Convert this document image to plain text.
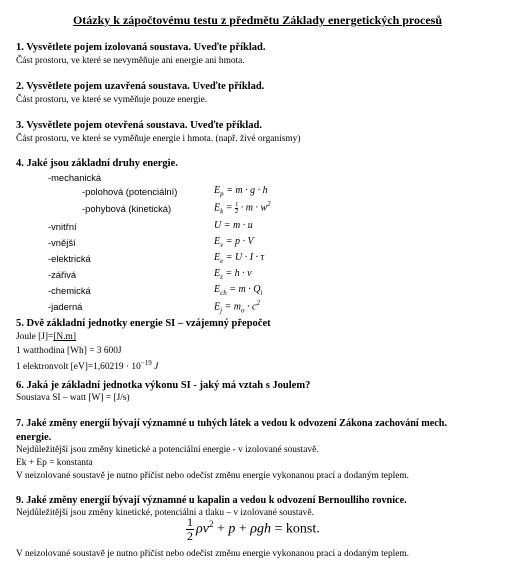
Otázky k zápočtovému testu z předmětu Základy energetických procesů
1. Vysvětlete pojem izolovaná soustava. Uveďte příklad.
Část prostoru, ve které se nevyměňuje ani energie ani hmota.
2. Vysvětlete pojem uzavřená soustava. Uveďte příklad.
Část prostoru, ve které se vyměňuje pouze energie.
3. Vysvětlete pojem otevřená soustava. Uveďte příklad.
Část prostoru, ve které se vyměňuje energie i hmota. (např. živé organismy)
4. Jaké jsou základní druhy energie.
-mechanická
-polohová (potenciální)	$E_p = m \cdot g \cdot h$
-pohybová (kinetická)	$E_k = \frac{1}{2} \cdot m \cdot w^2$
-vnitřní	U = m · u
-vnější	$E_v = p \cdot V$
-elektrická	$E_e = U \cdot I \cdot \tau$
-zářivá	$E_z = h \cdot \nu$
-chemická	$E_{ch} = m \cdot Q_i$
-jaderná	$E_j = m_o \cdot c^2$
5. Dvě základní jednotky energie SI – vzájemný přepočet
Joule [J]=[N.m]
1 watthodina [Wh] = 3 600J
1 elektronvolt $[eV]=1,60219 \cdot 10^{-19}$ J
6. Jaká je základní jednotka výkonu SI - jaký má vztah s Joulem?
Soustava SI – watt [W] = [J/s)
7. Jaké změny energií bývají významné u tuhých látek a vedou k odvození Zákona zachování mech.
energie.
Nejdůležitější jsou změny kinetické a potenciální energie - v izolované soustavě.
Ek + Ep = konstanta
V neizolované soustavě je nutno přičíst nebo odečíst změnu energie vykonanou prací a dodaným teplem.
9. Jaké změny energií bývají významné u kapalin a vedou k odvození Bernoulliho rovnice.
Nejdůležitější jsou změny kinetické, potenciální a tlaku – v izolované soustavě.
$\frac{1}{2} \rho v^2 + p + \rho gh$ = konst.
V neizolované soustavě je nutno přičíst nebo odečíst změnu energie vykonanou prací a dodaným teplem.
